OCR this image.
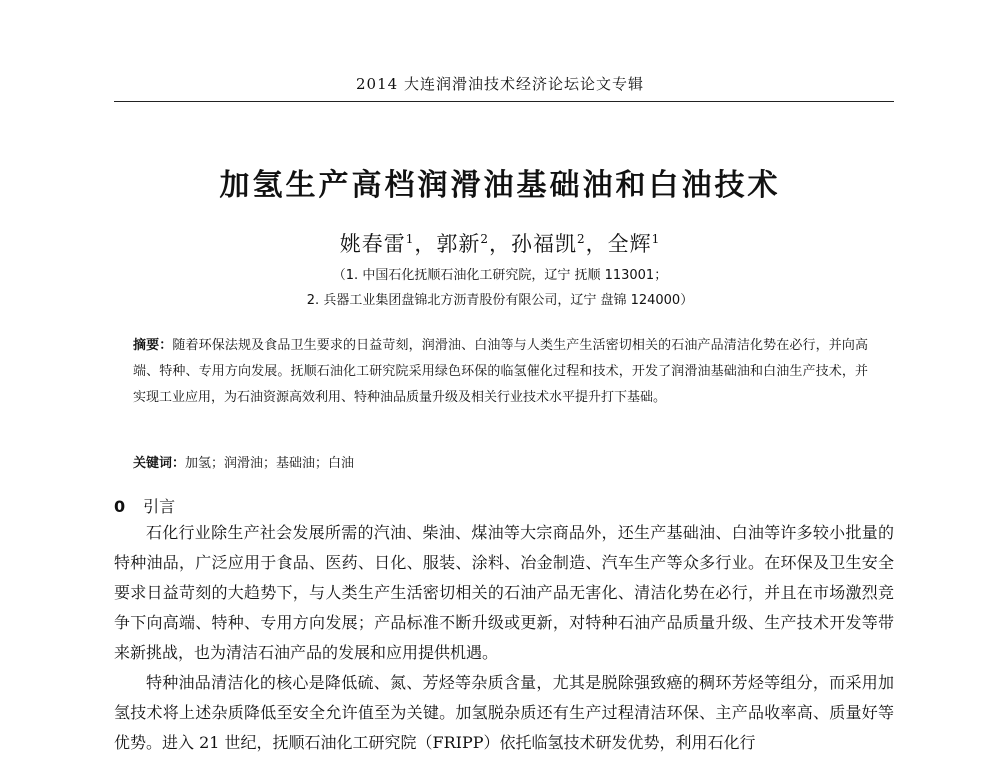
2014 大连润滑油技术经济论坛论文专辑
加氢生产高档润滑油基础油和白油技术
姚春雷$^1$，郭新$^2$，孙福凯$^2$，全辉$^1$
（1. 中国石化抚顺石油化工研究院，辽宁 抚顺 113001；
2. 兵器工业集团盘锦北方沥青股份有限公司，辽宁 盘锦 124000）
摘要：随着环保法规及食品卫生要求的日益苛刻，润滑油、白油等与人类生产生活密切相关的石油产品清洁化势在必行，并向高端、特种、专用方向发展。抚顺石油化工研究院采用绿色环保的临氢催化过程和技术，开发了润滑油基础油和白油生产技术，并实现工业应用，为石油资源高效利用、特种油品质量升级及相关行业技术水平提升打下基础。
关键词：加氢；润滑油；基础油；白油
0 引言

石化行业除生产社会发展所需的汽油、柴油、煤油等大宗商品外，还生产基础油、白油等许多较小批量的特种油品，广泛应用于食品、医药、日化、服装、涂料、冶金制造、汽车生产等众多行业。在环保及卫生安全要求日益苛刻的大趋势下，与人类生产生活密切相关的石油产品无害化、清洁化势在必行，并且在市场激烈竞争下向高端、特种、专用方向发展；产品标准不断升级或更新，对特种石油产品质量升级、生产技术开发等带来新挑战，也为清洁石油产品的发展和应用提供机遇。

特种油品清洁化的核心是降低硫、氮、芳烃等杂质含量，尤其是脱除强致癌的稠环芳烃等组分，而采用加氢技术将上述杂质降低至安全允许值至为关键。加氢脱杂质还有生产过程清洁环保、主产品收率高、质量好等优势。进入 21 世纪，抚顺石油化工研究院（FRIPP）依托临氢技术研发优势，利用石化行
